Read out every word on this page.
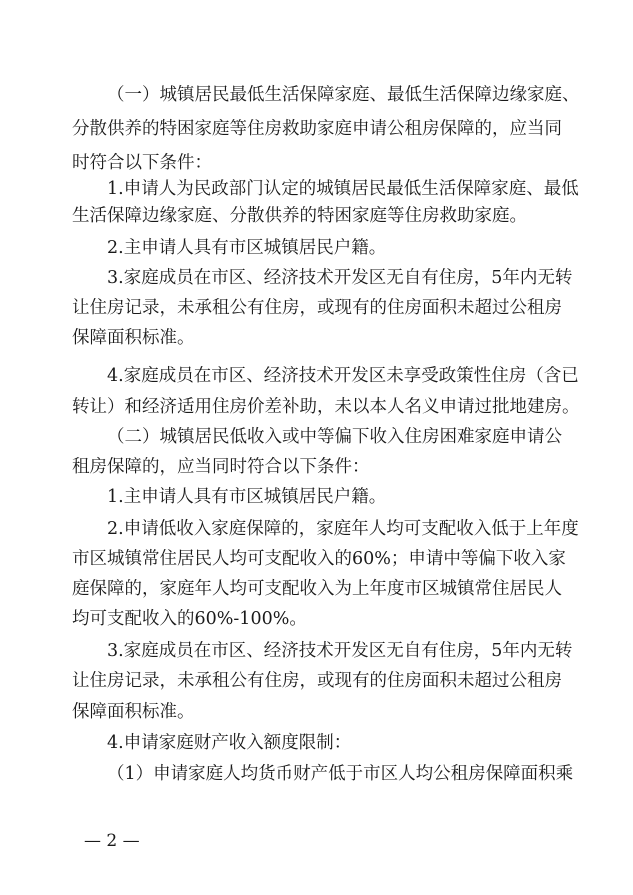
（一）城镇居民最低生活保障家庭、最低生活保障边缘家庭、
分散供养的特困家庭等住房救助家庭申请公租房保障的，应当同
时符合以下条件：
1.申请人为民政部门认定的城镇居民最低生活保障家庭、最低
生活保障边缘家庭、分散供养的特困家庭等住房救助家庭。
2.主申请人具有市区城镇居民户籍。
3.家庭成员在市区、经济技术开发区无自有住房，5年内无转
让住房记录，未承租公有住房，或现有的住房面积未超过公租房
保障面积标准。
4.家庭成员在市区、经济技术开发区未享受政策性住房（含已
转让）和经济适用住房价差补助，未以本人名义申请过批地建房。
（二）城镇居民低收入或中等偏下收入住房困难家庭申请公
租房保障的，应当同时符合以下条件：
1.主申请人具有市区城镇居民户籍。
2.申请低收入家庭保障的，家庭年人均可支配收入低于上年度
市区城镇常住居民人均可支配收入的60%；申请中等偏下收入家
庭保障的，家庭年人均可支配收入为上年度市区城镇常住居民人
均可支配收入的60%-100%。
3.家庭成员在市区、经济技术开发区无自有住房，5年内无转
让住房记录，未承租公有住房，或现有的住房面积未超过公租房
保障面积标准。
4.申请家庭财产收入额度限制：
（1）申请家庭人均货币财产低于市区人均公租房保障面积乘
— 2 —
